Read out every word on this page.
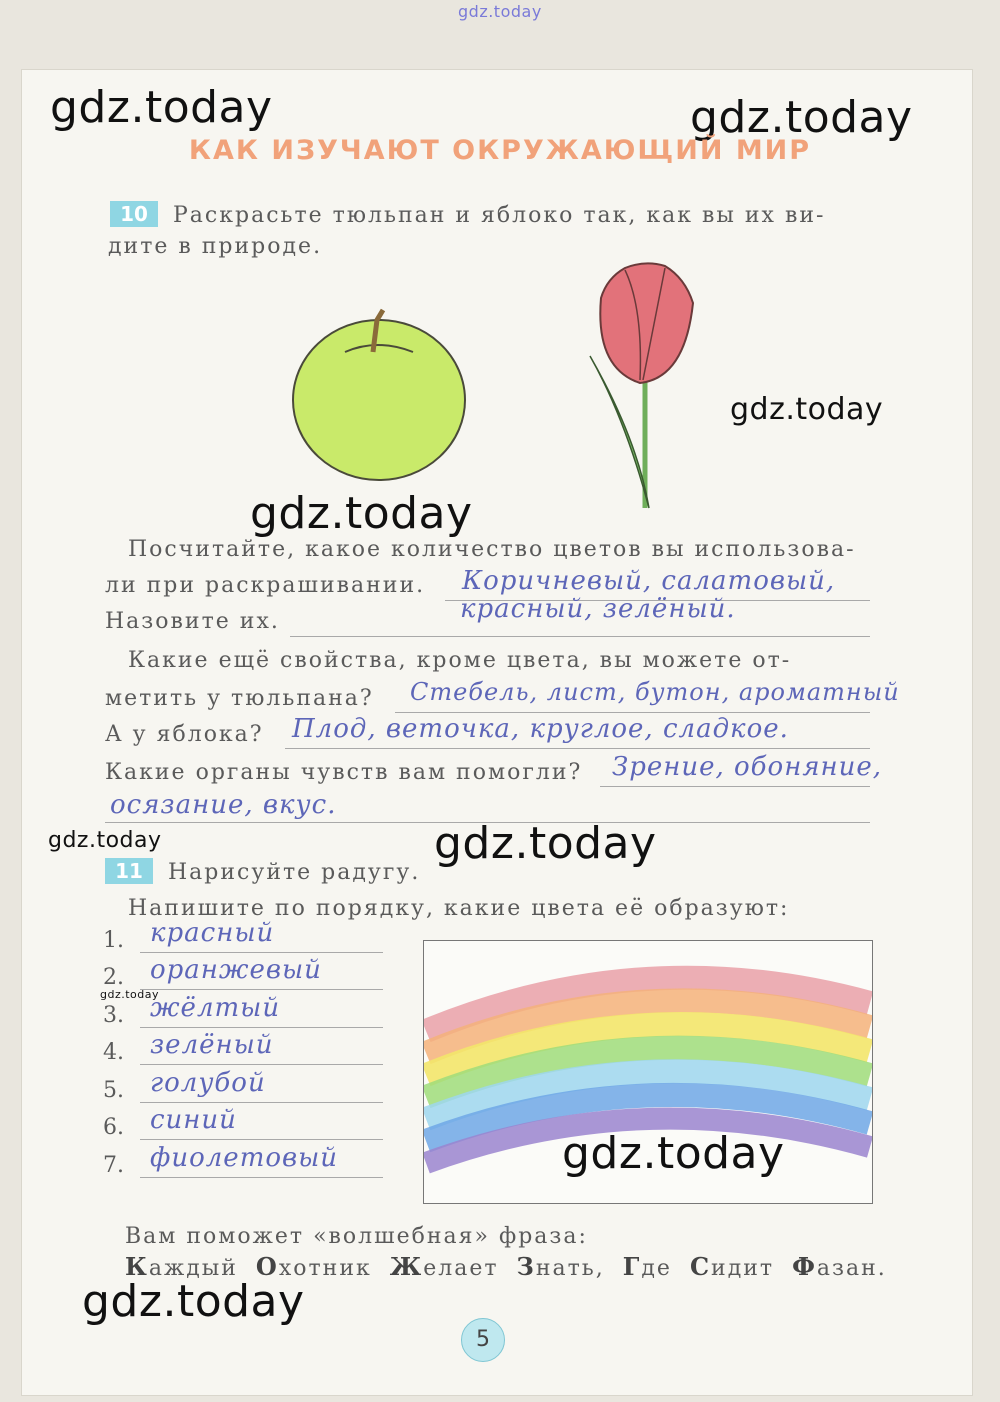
gdz.today
gdz.today	gdz.today
gdz.today
gdz.today
КАК ИЗУЧАЮТ ОКРУЖАЮЩИЙ МИР
10	Раскрасьте тюльпан и яблоко так, как вы их ви-
дите в природе.
Посчитайте, какое количество цветов вы использова-
ли при раскрашивании. Коричневый, салатовый,
Назовите их.	красный, зелёный.
Какие ещё свойства, кроме цвета, вы можете от-
метить у тюльпана? Стебель, лист, бутон, ароматный
А у яблока? Плод, веточка, круглое, сладкое.
Какие органы чувств вам помогли? Зрение, обоняние,
осязание, вкус.
gdz.today	gdz.today
11	Нарисуйте радугу.
Напишите по порядку, какие цвета её образуют:
1. красный
2. оранжевый
3. жёлтый
4. зелёный
5. голубой
6. синий
7. фиолетовый
gdz.today
gdz.today
Вам поможет «волшебная» фраза:
Каждый Охотник Желает Знать, Где Сидит Фазан.
gdz.today
5
